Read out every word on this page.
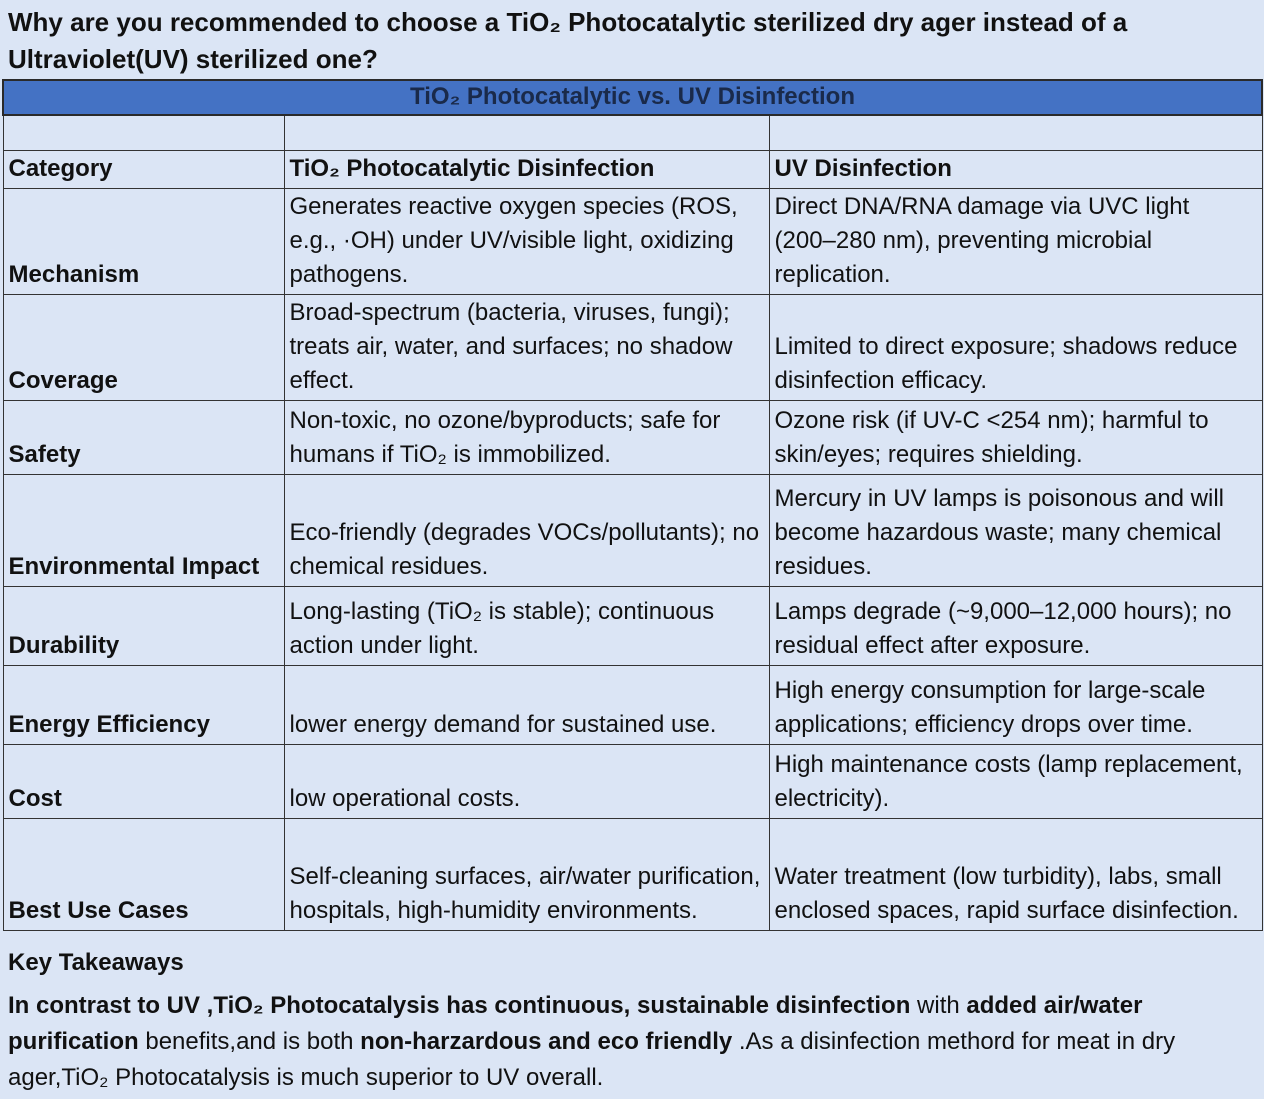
Why are you recommended to choose a TiO₂ Photocatalytic sterilized dry ager instead of a Ultraviolet(UV) sterilized one?
TiO₂ Photocatalytic vs. UV Disinfection		

Category	TiO₂ Photocatalytic Disinfection	UV Disinfection
Mechanism	Generates reactive oxygen species (ROS, e.g., ·OH) under UV/visible light, oxidizing pathogens.	Direct DNA/RNA damage via UVC light (200–280 nm), preventing microbial replication.
Coverage	Broad-spectrum (bacteria, viruses, fungi); treats air, water, and surfaces; no shadow effect.	Limited to direct exposure; shadows reduce disinfection efficacy.
Safety	Non-toxic, no ozone/byproducts; safe for humans if TiO₂ is immobilized.	Ozone risk (if UV-C <254 nm); harmful to skin/eyes; requires shielding.
Environmental Impact	Eco-friendly (degrades VOCs/pollutants); no chemical residues.	Mercury in UV lamps is poisonous and will become hazardous waste; many chemical residues.
Durability	Long-lasting (TiO₂ is stable); continuous action under light.	Lamps degrade (~9,000–12,000 hours); no residual effect after exposure.
Energy Efficiency	lower energy demand for sustained use.	High energy consumption for large-scale applications; efficiency drops over time.
Cost	low operational costs.	High maintenance costs (lamp replacement, electricity).
Best Use Cases	Self-cleaning surfaces, air/water purification, hospitals, high-humidity environments.	Water treatment (low turbidity), labs, small enclosed spaces, rapid surface disinfection.
Key Takeaways
In contrast to UV ,TiO₂ Photocatalysis has continuous, sustainable disinfection with added air/water purification benefits,and is both non-harzardous and eco friendly .As a disinfection methord for meat in dry ager,TiO₂ Photocatalysis is much superior to UV overall.
